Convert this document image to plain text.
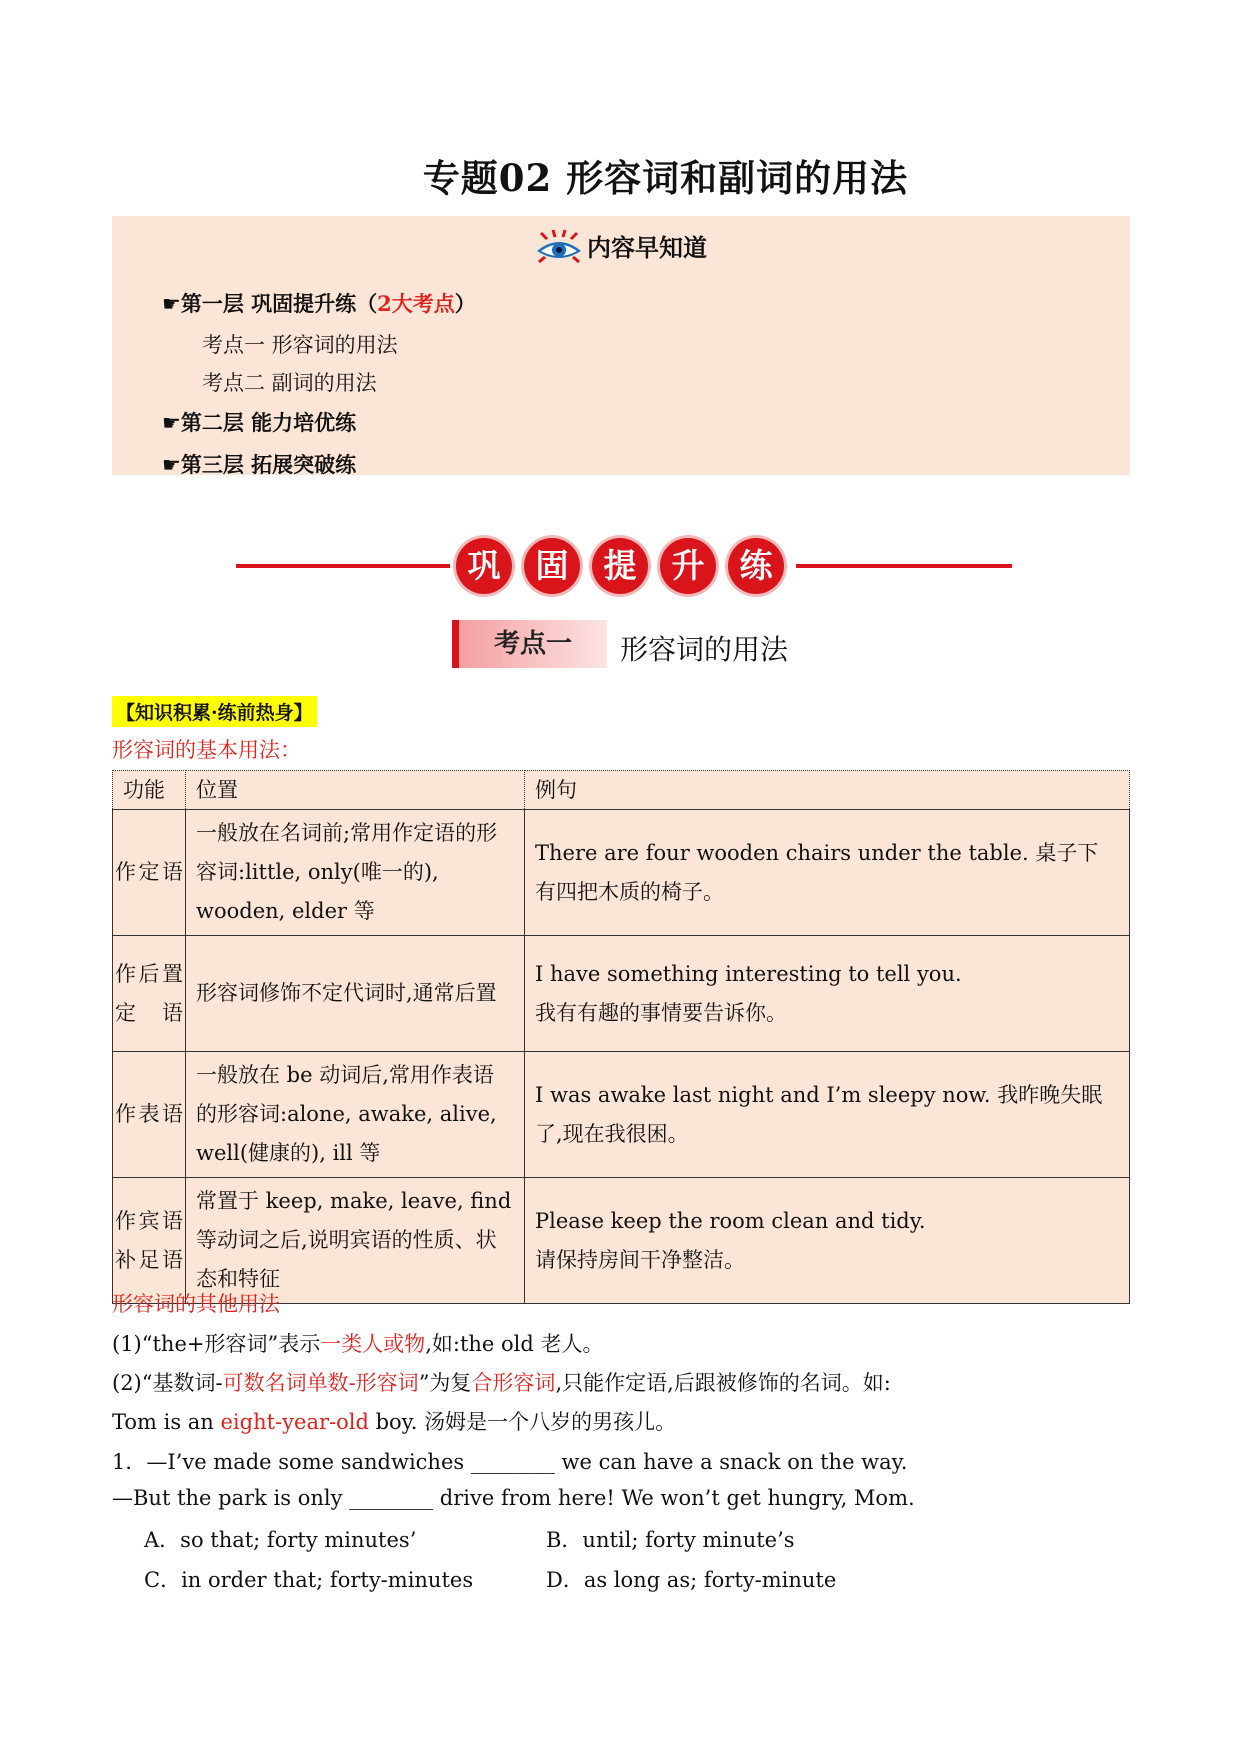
专题02 形容词和副词的用法
内容早知道
☛第一层 巩固提升练（2大考点）
考点一 形容词的用法
考点二 副词的用法
☛第二层 能力培优练
☛第三层 拓展突破练
巩	固	提	升	练
考点一	形容词的用法
【知识积累·练前热身】
形容词的基本用法：
功能	位置	例句
作定语	一般放在名词前;常用作定语的形容词:little, only(唯一的), wooden, elder 等	There are four wooden chairs under the table. 桌子下有四把木质的椅子。
作后置定语	形容词修饰不定代词时,通常后置	I have something interesting to tell you.
我有有趣的事情要告诉你。

作表语	一般放在 be 动词后,常用作表语的形容词:alone, awake, alive, well(健康的), ill 等	I was awake last night and I’m sleepy now. 我昨晚失眠了,现在我很困。
作宾语补足语	常置于 keep, make, leave, find 等动词之后,说明宾语的性质、状态和特征	Please keep the room clean and tidy.
请保持房间干净整洁。
形容词的其他用法
(1)“the+形容词”表示一类人或物,如:the old 老人。
(2)“基数词-可数名词单数-形容词”为复合形容词,只能作定语,后跟被修饰的名词。如:
Tom is an eight-year-old boy. 汤姆是一个八岁的男孩儿。
1．—I’ve made some sandwiches ________ we can have a snack on the way.
—But the park is only ________ drive from here! We won’t get hungry, Mom.
A．so that; forty minutes’	B．until; forty minute’s
C．in order that; forty-minutes	D．as long as; forty-minute
